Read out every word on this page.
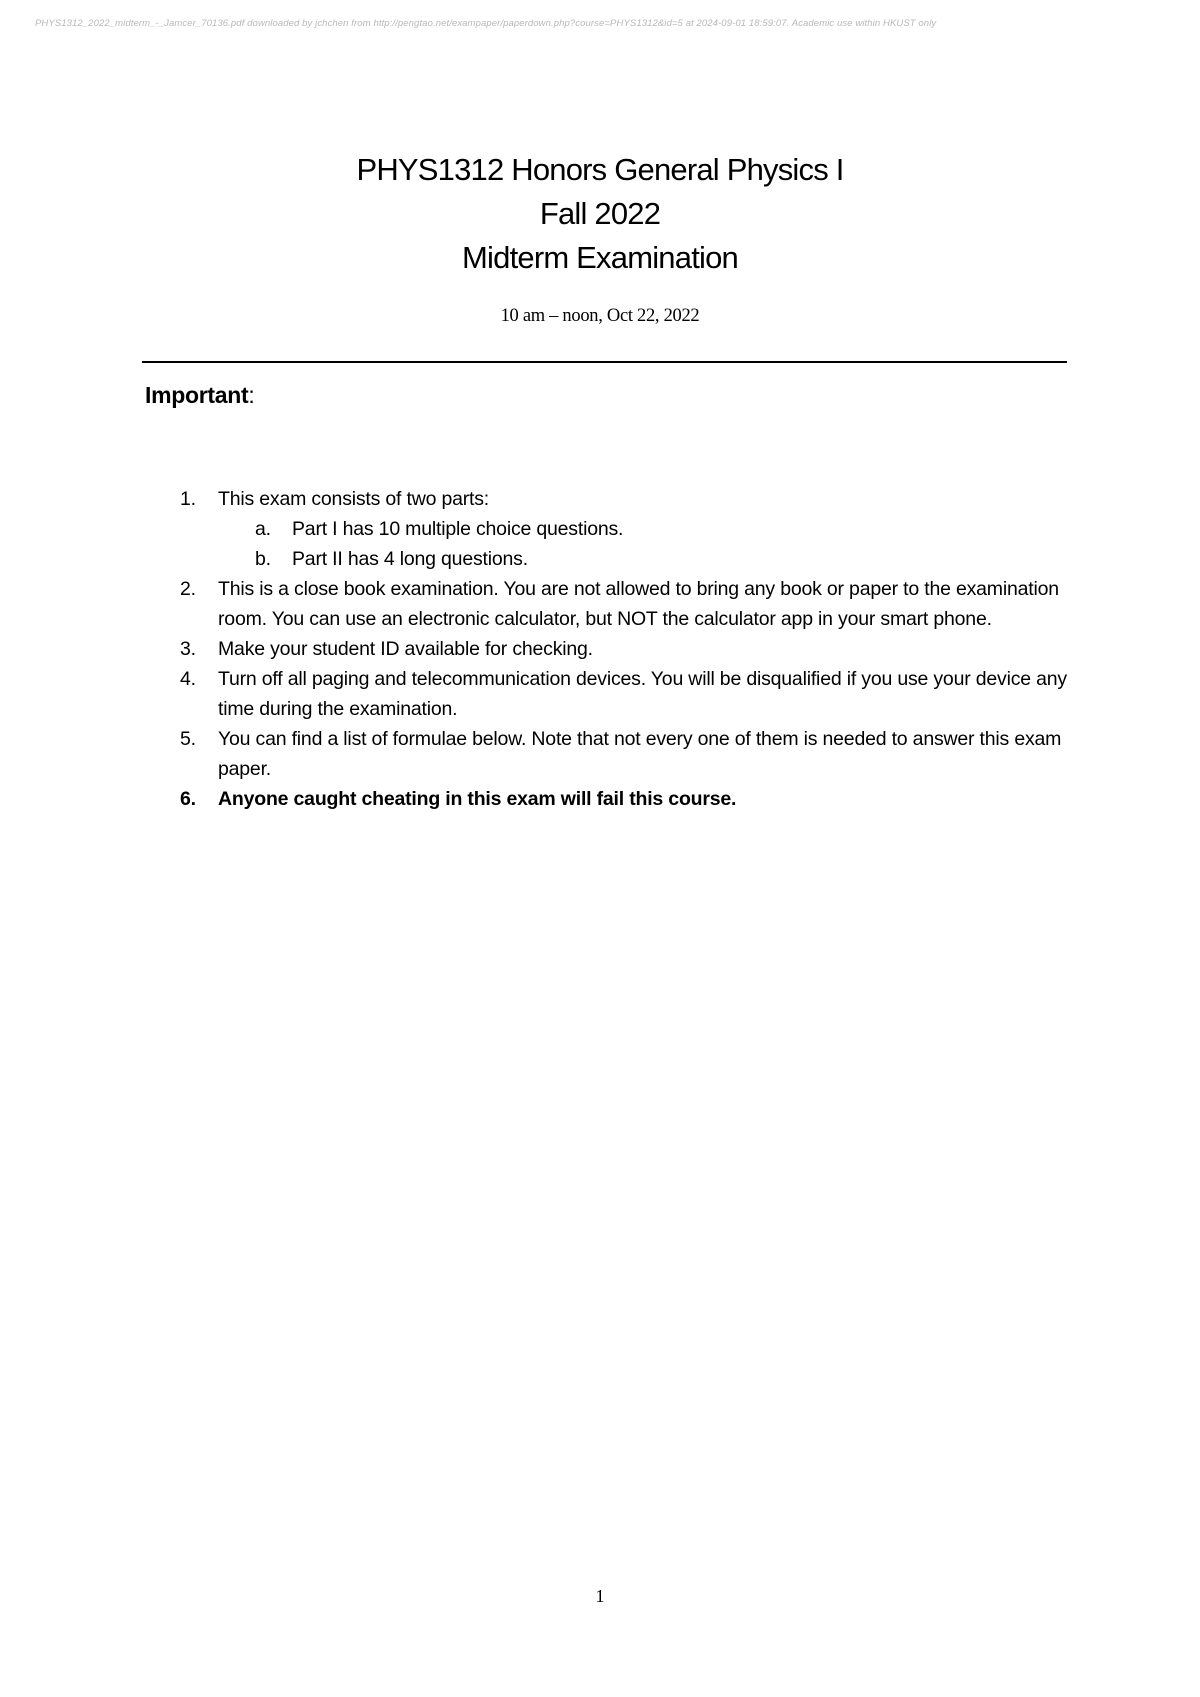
PHYS1312_2022_midterm_-_Jamcer_70136.pdf downloaded by jchchen from http://pengtao.net/exampaper/paperdown.php?course=PHYS1312&id=5 at 2024-09-01 18:59:07. Academic use within HKUST only
PHYS1312 Honors General Physics I
Fall 2022
Midterm Examination
10 am – noon, Oct 22, 2022
Important:
1. This exam consists of two parts:
a. Part I has 10 multiple choice questions.
b. Part II has 4 long questions.
2. This is a close book examination. You are not allowed to bring any book or paper to the examination room. You can use an electronic calculator, but NOT the calculator app in your smart phone.
3. Make your student ID available for checking.
4. Turn off all paging and telecommunication devices. You will be disqualified if you use your device any time during the examination.
5. You can find a list of formulae below. Note that not every one of them is needed to answer this exam paper.
6. Anyone caught cheating in this exam will fail this course.
1
